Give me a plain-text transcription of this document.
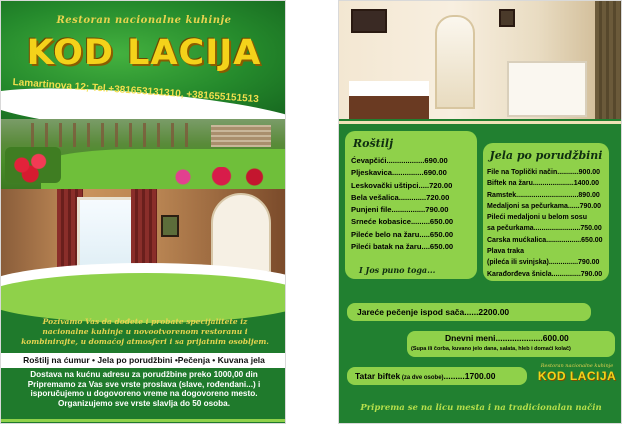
Restoran nacionalne kuhinje
KOD LACIJA
Lamartinova 12; Tel.+381653131310, +381655151513
Pozivamo Vas da dođete i probate specijalitete iz
nacionalne kuhinje u novootvorenom restoranu i
kombinirajte, u domaćoj atmosferi i sa prijatnim osobljem.
Roštilj na ćumur • Jela po porudžbini •Pečenja • Kuvana jela
Dostava na kućnu adresu za porudžbine preko 1000,00 din
Pripremamo za Vas sve vrste proslava (slave, rođendani...) i
isporučujemo u dogovoreno vreme na dogovoreno mesto.
Organizujemo sve vrste slavlja do 50 osoba.
Roštilj
Ćevapčići..................690.00
Pljeskavica...............690.00
Leskovački uštipci.....720.00
Bela vešalica.............720.00
Punjeni file................790.00
Srneće kobasice.........650.00
Pileće belo na žaru.....650.00
Pileći batak na žaru....650.00
I Jos puno toga...
Jela po porudžbini
File na Toplički način...........900.00
Biftek na žaru.....................1400.00
Ramstek................................890.00
Medaljoni sa pečurkama......790.00
Pileći medaljoni u belom sosu
sa pečurkama........................750.00
Carska mućkalica..................650.00
Plava traka
(pileća ili svinjska)...............790.00
Karađorđeva šnicla...............790.00
Jareće pečenje ispod sača......2200.00
Dnevni meni....................600.00
(Supa ili čorba, kuvano jelo dana, salata, hleb i domaći kolač)
Tatar biftek (za dve osobe).........1700.00
Restoran nacionalne kuhinje
KOD LACIJA
Priprema se na licu mesta i na tradicionalan način
